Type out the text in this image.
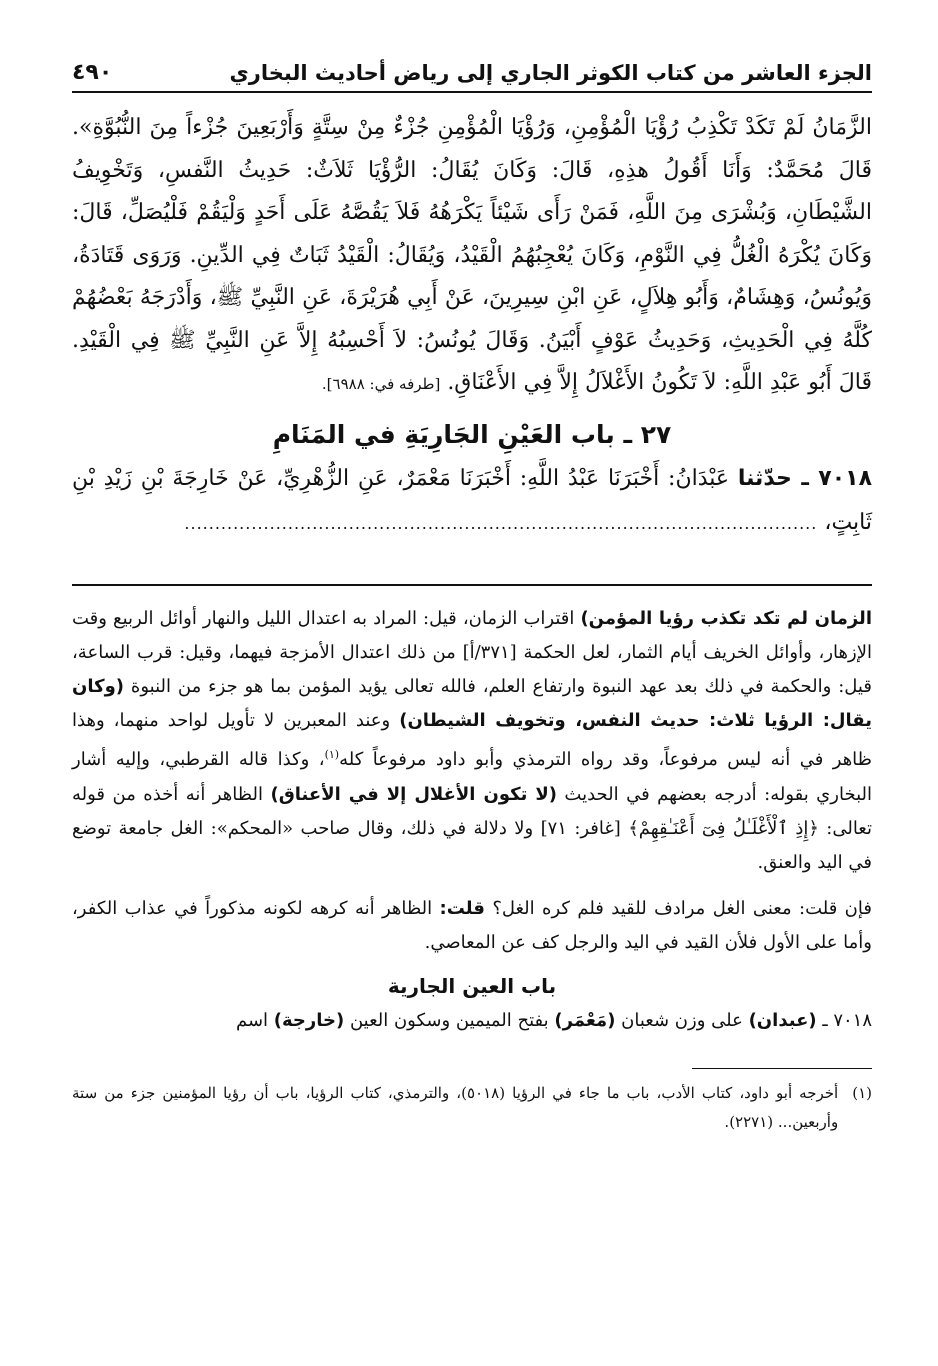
الجزء العاشر من كتاب الكوثر الجاري إلى رياض أحاديث البخاري
٤٩٠

الزَّمَانُ لَمْ تَكَدْ تَكْذِبُ رُؤْيَا الْمُؤْمِنِ، وَرُؤْيَا الْمُؤْمِنِ جُزْءٌ مِنْ سِتَّةٍ وَأَرْبَعِينَ جُزْءاً مِنَ النُّبُوَّةِ». قَالَ مُحَمَّدٌ: وَأَنَا أَقُولُ هذِهِ، قَالَ: وَكَانَ يُقَالُ: الرُّؤْيَا ثَلاَثٌ: حَدِيثُ النَّفسِ، وَتَخْوِيفُ الشَّيْطَانِ، وَبُشْرَى مِنَ اللَّهِ، فَمَنْ رَأَى شَيْئاً يَكْرَهُهُ فَلاَ يَقُصَّهُ عَلَى أَحَدٍ وَلْيَقُمْ فَلْيُصَلِّ، قَالَ: وَكَانَ يُكْرَهُ الْغُلُّ فِي النَّوْمِ، وَكَانَ يُعْجِبُهُمُ الْقَيْدُ، وَيُقَالُ: الْقَيْدُ ثَبَاتٌ فِي الدِّينِ. وَرَوَى قَتَادَةُ، وَيُونُسُ، وَهِشَامٌ، وَأَبُو هِلاَلٍ، عَنِ ابْنِ سِيرِينَ، عَنْ أَبِي هُرَيْرَةَ، عَنِ النَّبِيِّ ﷺ، وَأَدْرَجَهُ بَعْضُهُمْ كُلَّهُ فِي الْحَدِيثِ، وَحَدِيثُ عَوْفٍ أَبْيَنُ. وَقَالَ يُونُسُ: لاَ أَحْسِبُهُ إِلاَّ عَنِ النَّبِيِّ ﷺ فِي الْقَيْدِ. قَالَ أَبُو عَبْدِ اللَّهِ: لاَ تَكُونُ الأَغْلاَلُ إِلاَّ فِي الأَعْنَاقِ. [طرفه في: ٦٩٨٨].

٢٧ ـ باب العَيْنِ الجَارِيَةِ في المَنَامِ

٧٠١٨ ـ حدّثنا عَبْدَانُ: أَخْبَرَنَا عَبْدُ اللَّهِ: أَخْبَرَنَا مَعْمَرٌ، عَنِ الزُّهْرِيِّ، عَنْ خَارِجَةَ بْنِ زَيْدِ بْنِ ثَابِتٍ، ........................................................................................................

الزمان لم تكد تكذب رؤيا المؤمن) اقتراب الزمان، قيل: المراد به اعتدال الليل والنهار أوائل الربيع وقت الإزهار، وأوائل الخريف أيام الثمار، لعل الحكمة [٣٧١/أ] من ذلك اعتدال الأمزجة فيهما، وقيل: قرب الساعة، قيل: والحكمة في ذلك بعد عهد النبوة وارتفاع العلم، فالله تعالى يؤيد المؤمن بما هو جزء من النبوة (وكان يقال: الرؤيا ثلاث: حديث النفس، وتخويف الشيطان) وعند المعبرين لا تأويل لواحد منهما، وهذا ظاهر في أنه ليس مرفوعاً، وقد رواه الترمذي وأبو داود مرفوعاً كله$^{(١)}$، وكذا قاله القرطبي، وإليه أشار البخاري بقوله: أدرجه بعضهم في الحديث (لا تكون الأغلال إلا في الأعناق) الظاهر أنه أخذه من قوله تعالى: ﴿إِذِ ٱلْأَغْلَـٰلُ فِىٓ أَعْنَـٰقِهِمْ﴾ [غافر: ٧١] ولا دلالة في ذلك، وقال صاحب «المحكم»: الغل جامعة توضع في اليد والعنق.

فإن قلت: معنى الغل مرادف للقيد فلم كره الغل؟ قلت: الظاهر أنه كرهه لكونه مذكوراً في عذاب الكفر، وأما على الأول فلأن القيد في اليد والرجل كف عن المعاصي.

باب العين الجارية

٧٠١٨ ـ (عبدان) على وزن شعبان (مَعْمَر) بفتح الميمين وسكون العين (خارجة) اسم

(١)
أخرجه أبو داود، كتاب الأدب، باب ما جاء في الرؤيا (٥٠١٨)، والترمذي، كتاب الرؤيا، باب أن رؤيا المؤمنين جزء من ستة وأربعين... (٢٢٧١).
